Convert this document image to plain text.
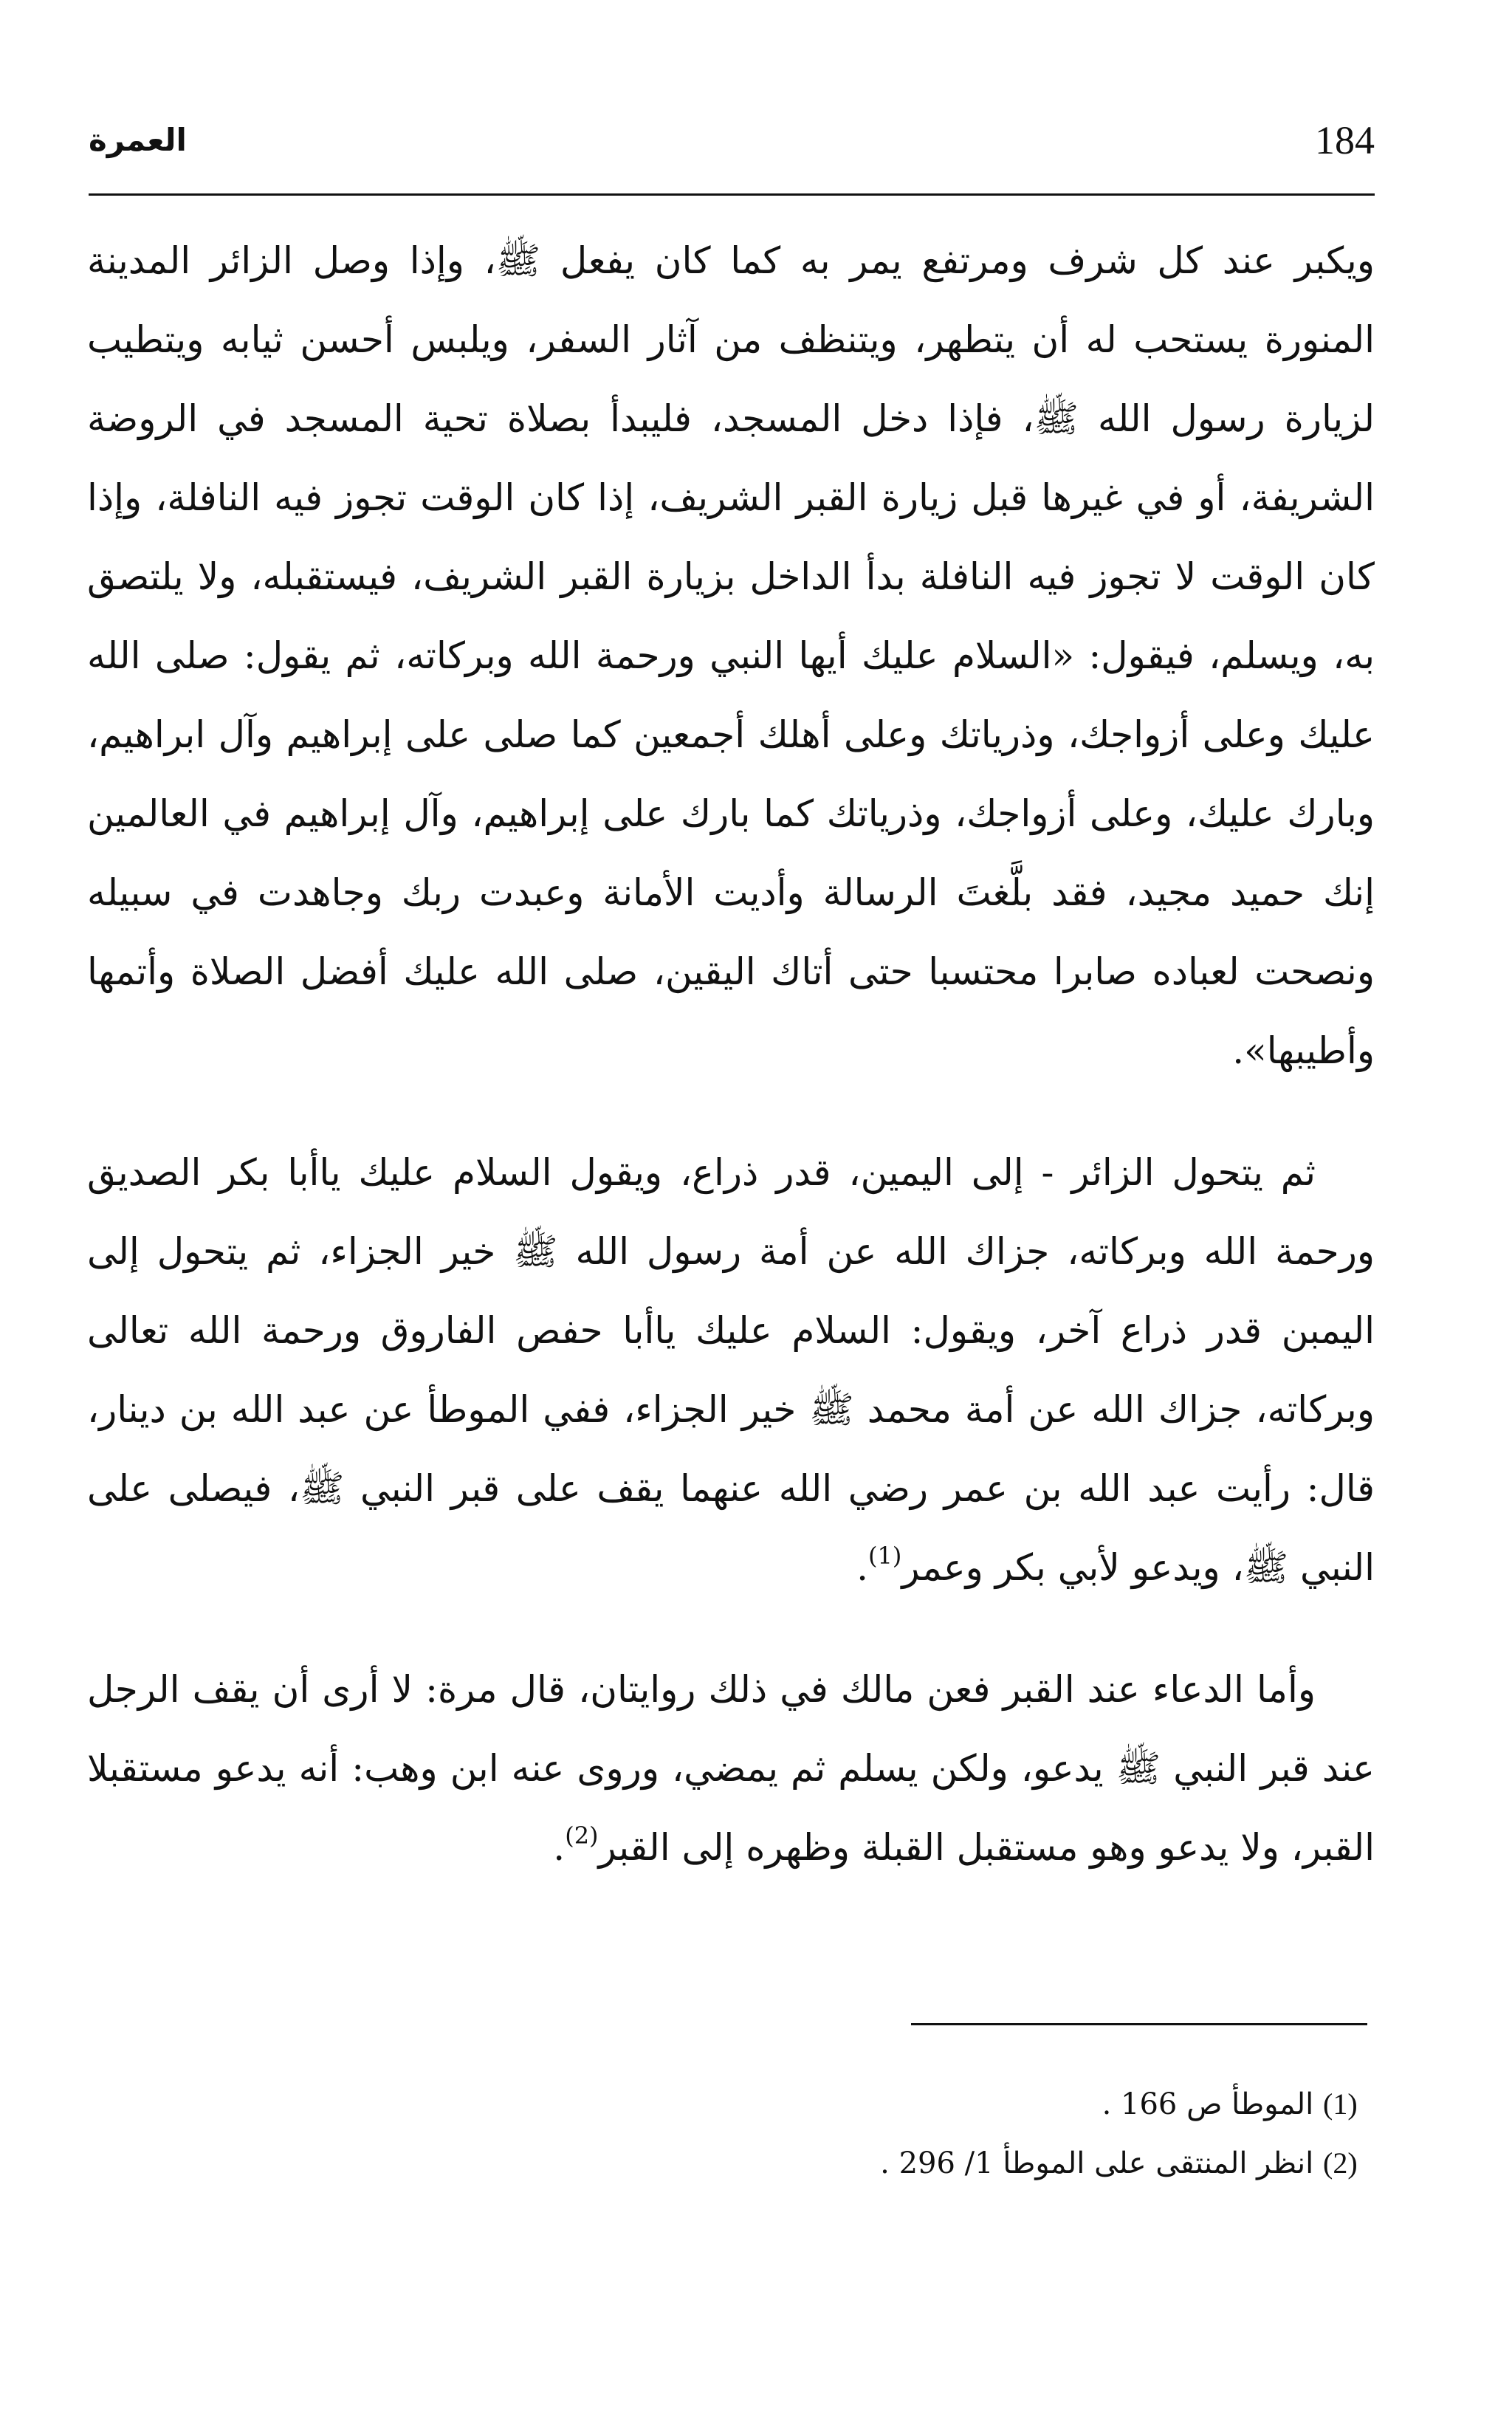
184
العمرة

ويكبر عند كل شرف ومرتفع يمر به كما كان يفعل ﷺ، وإذا وصل الزائر المدينة المنورة يستحب له أن يتطهر، ويتنظف من آثار السفر، ويلبس أحسن ثيابه ويتطيب لزيارة رسول الله ﷺ، فإذا دخل المسجد، فليبدأ بصلاة تحية المسجد في الروضة الشريفة، أو في غيرها قبل زيارة القبر الشريف، إذا كان الوقت تجوز فيه النافلة، وإذا كان الوقت لا تجوز فيه النافلة بدأ الداخل بزيارة القبر الشريف، فيستقبله، ولا يلتصق به، ويسلم، فيقول: «السلام عليك أيها النبي ورحمة الله وبركاته، ثم يقول: صلى الله عليك وعلى أزواجك، وذرياتك وعلى أهلك أجمعين كما صلى على إبراهيم وآل ابراهيم، وبارك عليك، وعلى أزواجك، وذرياتك كما بارك على إبراهيم، وآل إبراهيم في العالمين إنك حميد مجيد، فقد بلَّغتَ الرسالة وأديت الأمانة وعبدت ربك وجاهدت في سبيله ونصحت لعباده صابرا محتسبا حتى أتاك اليقين، صلى الله عليك أفضل الصلاة وأتمها وأطيبها».

ثم يتحول الزائر - إلى اليمين، قدر ذراع، ويقول السلام عليك ياأبا بكر الصديق ورحمة الله وبركاته، جزاك الله عن أمة رسول الله ﷺ خير الجزاء، ثم يتحول إلى اليمبن قدر ذراع آخر، ويقول: السلام عليك ياأبا حفص الفاروق ورحمة الله تعالى وبركاته، جزاك الله عن أمة محمد ﷺ خير الجزاء، ففي الموطأ عن عبد الله بن دينار، قال: رأيت عبد الله بن عمر رضي الله عنهما يقف على قبر النبي ﷺ، فيصلى على النبي ﷺ، ويدعو لأبي بكر وعمر$^{(1)}$.

وأما الدعاء عند القبر فعن مالك في ذلك روايتان، قال مرة: لا أرى أن يقف الرجل عند قبر النبي ﷺ يدعو، ولكن يسلم ثم يمضي، وروى عنه ابن وهب: أنه يدعو مستقبلا القبر، ولا يدعو وهو مستقبل القبلة وظهره إلى القبر$^{(2)}$.

(1) الموطأ ص 166 .
(2) انظر المنتقى على الموطأ 1/ 296 .
